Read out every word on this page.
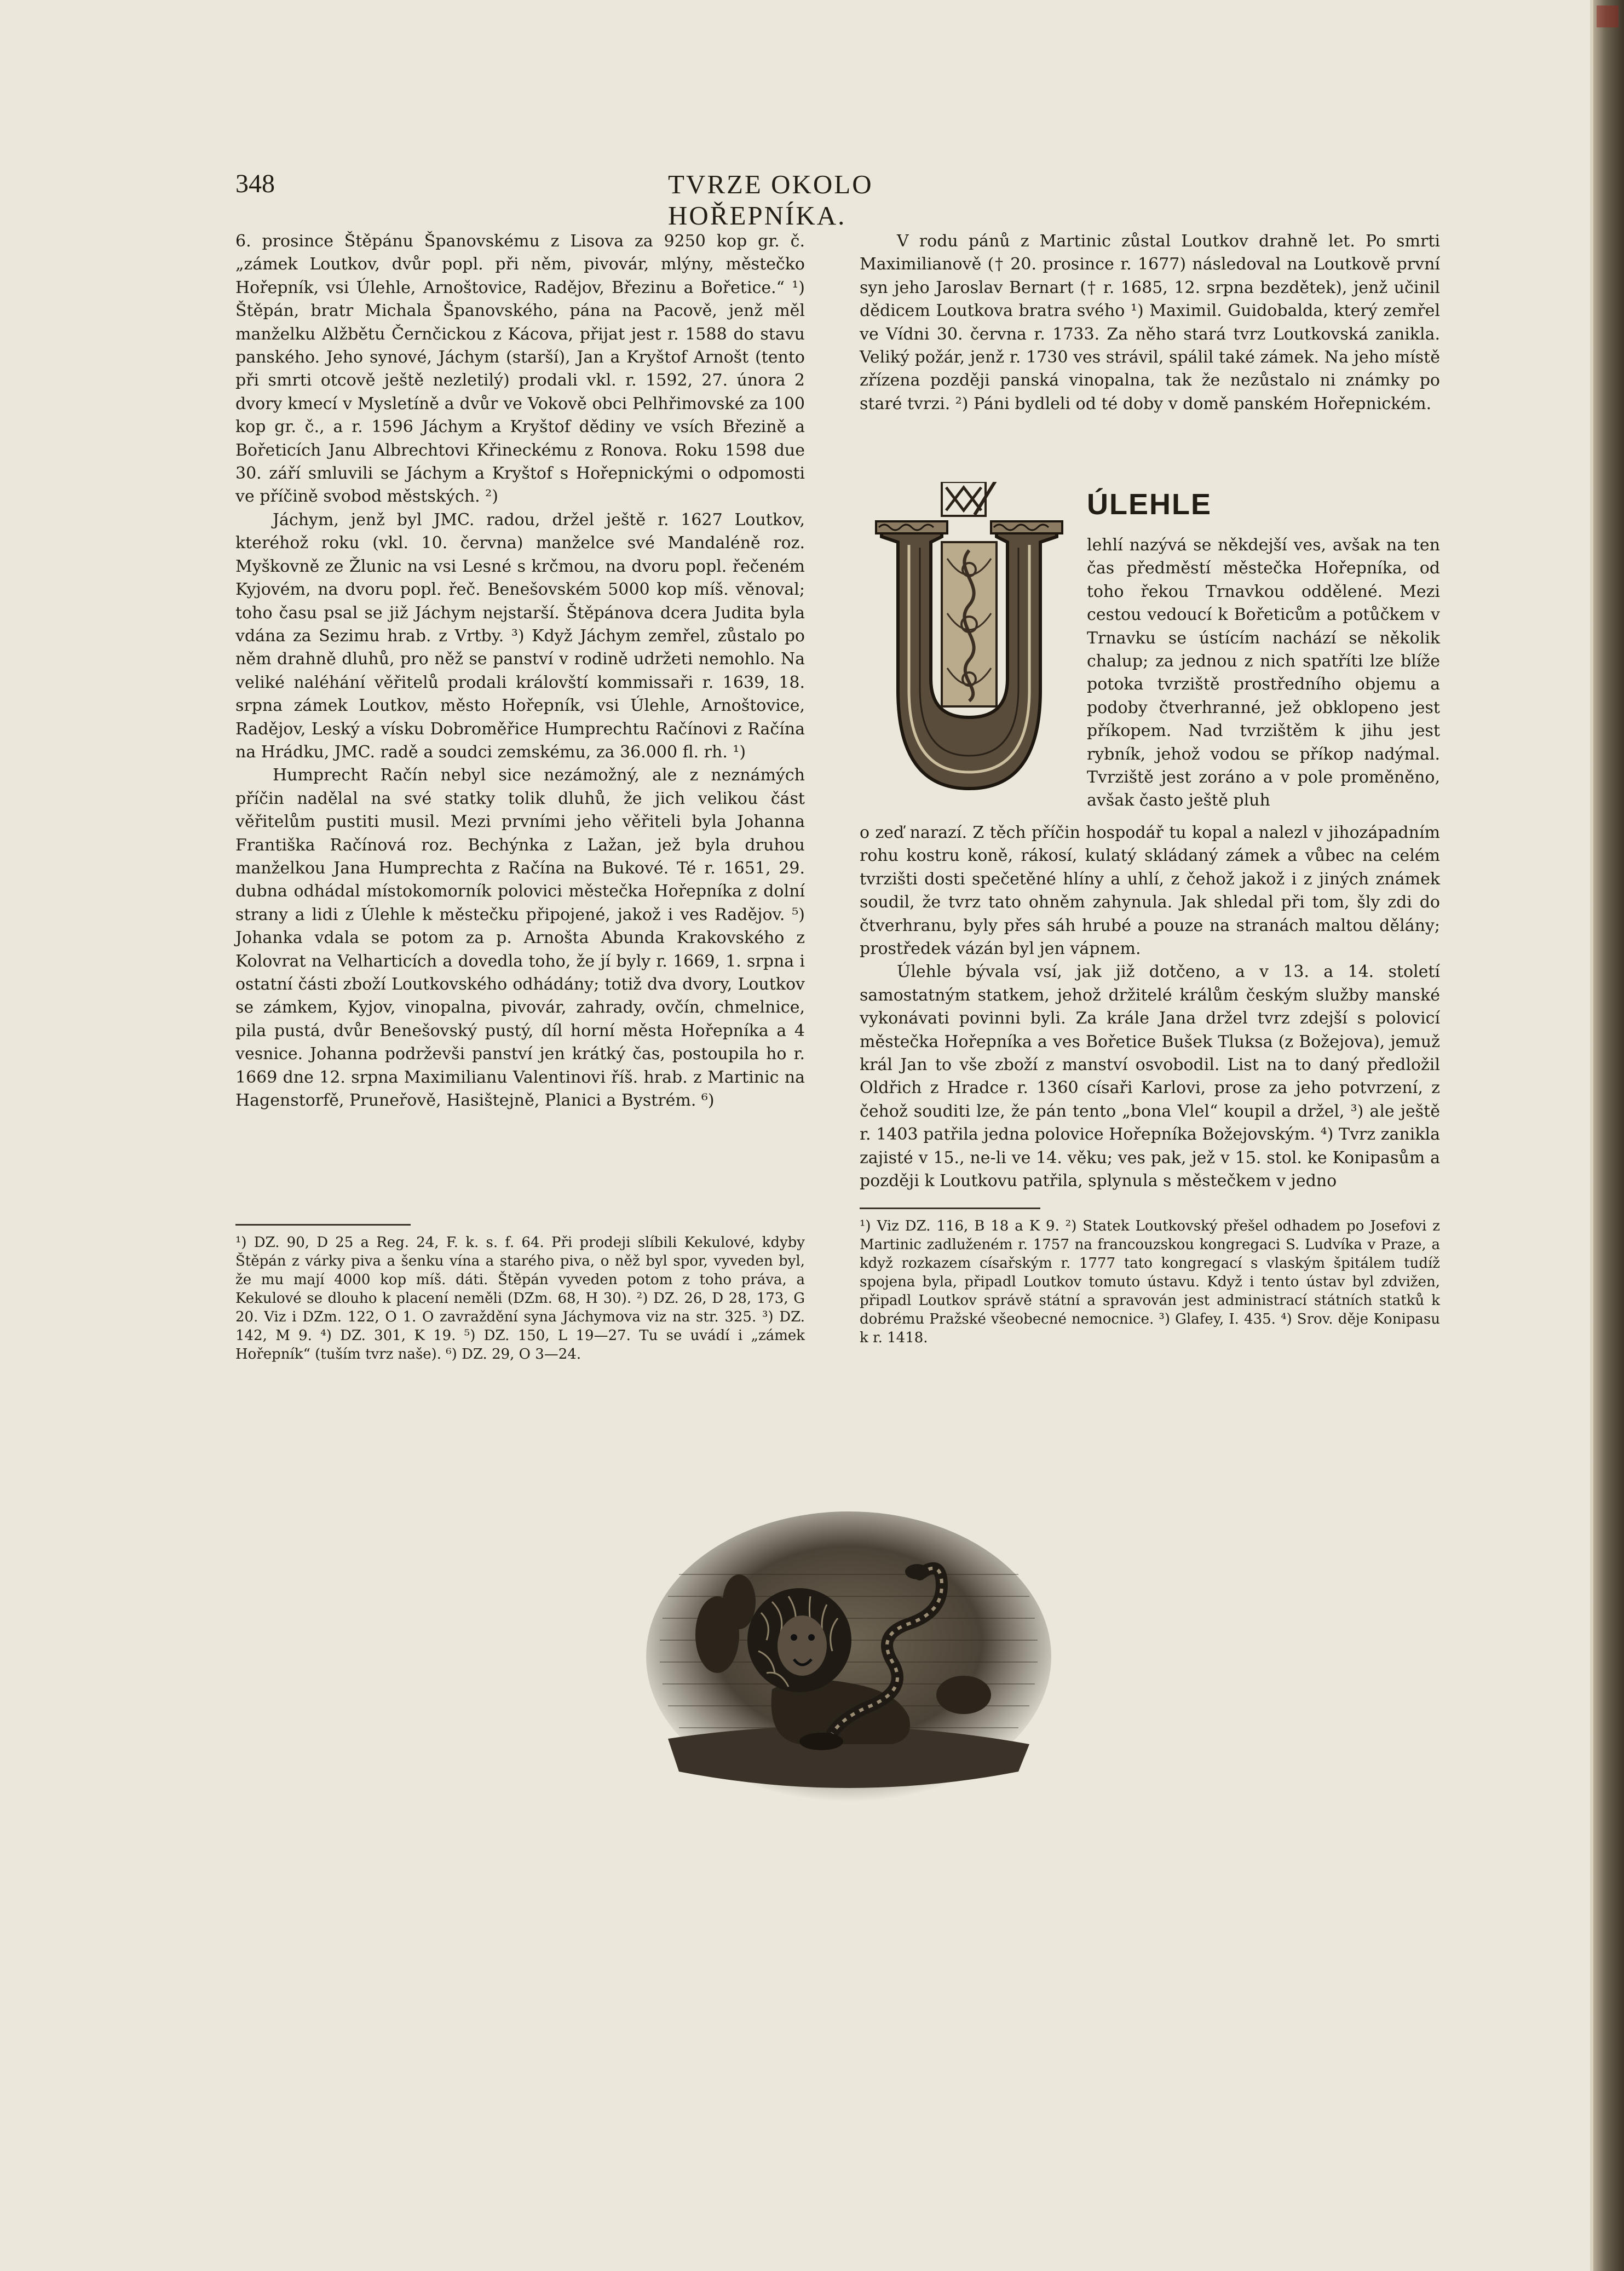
348	TVRZE OKOLO HOŘEPNÍKA.

6. prosince Štěpánu Španovskému z Lisova za 9250 kop gr. č. „zámek Loutkov, dvůr popl. při něm, pivovár, mlýny, městečko Hořepník, vsi Úlehle, Arnoštovice, Radějov, Březinu a Bořetice.“ ¹) Štěpán, bratr Michala Španovského, pána na Pacově, jenž měl manželku Alžbětu Černčickou z Kácova, přijat jest r. 1588 do stavu panského. Jeho synové, Jáchym (starší), Jan a Kryštof Arnošt (tento při smrti otcově ještě nezletilý) prodali vkl. r. 1592, 27. února 2 dvory kmecí v Mysletíně a dvůr ve Vokově obci Pelhřimovské za 100 kop gr. č., a r. 1596 Jáchym a Kryštof dědiny ve vsích Březině a Bořeticích Janu Albrechtovi Křineckému z Ronova. Roku 1598 due 30. září smluvili se Jáchym a Kryštof s Hořepnickými o odpomosti ve příčině svobod městských. ²)

Jáchym, jenž byl JMC. radou, držel ještě r. 1627 Loutkov, kteréhož roku (vkl. 10. června) manželce své Mandaléně roz. Myškovně ze Žlunic na vsi Lesné s krčmou, na dvoru popl. řečeném Kyjovém, na dvoru popl. řeč. Benešovském 5000 kop míš. věnoval; toho času psal se již Jáchym nejstarší. Štěpánova dcera Judita byla vdána za Sezimu hrab. z Vrtby. ³) Když Jáchym zemřel, zůstalo po něm drahně dluhů, pro něž se panství v rodině udržeti nemohlo. Na veliké naléhání věřitelů prodali královští kommissaři r. 1639, 18. srpna zámek Loutkov, město Hořepník, vsi Úlehle, Arnoštovice, Radějov, Leský a vísku Dobroměřice Humprechtu Račínovi z Račína na Hrádku, JMC. radě a soudci zemskému, za 36.000 fl. rh. ¹)

Humprecht Račín nebyl sice nezámožný, ale z neznámých příčin nadělal na své statky tolik dluhů, že jich velikou část věřitelům pustiti musil. Mezi prvními jeho věřiteli byla Johanna Františka Račínová roz. Bechýnka z Lažan, jež byla druhou manželkou Jana Humprechta z Račína na Bukové. Té r. 1651, 29. dubna odhádal místokomorník polovici městečka Hořepníka z dolní strany a lidi z Úlehle k městečku připojené, jakož i ves Radějov. ⁵) Johanka vdala se potom za p. Arnošta Abunda Krakovského z Kolovrat na Velharticích a dovedla toho, že jí byly r. 1669, 1. srpna i ostatní části zboží Loutkovského odhádány; totiž dva dvory, Loutkov se zámkem, Kyjov, vinopalna, pivovár, zahrady, ovčín, chmelnice, pila pustá, dvůr Benešovský pustý, díl horní města Hořepníka a 4 vesnice. Johanna podrževši panství jen krátký čas, postoupila ho r. 1669 dne 12. srpna Maximilianu Valentinovi říš. hrab. z Martinic na Hagenstorfě, Pruneřově, Hasištejně, Planici a Bystrém. ⁶)

V rodu pánů z Martinic zůstal Loutkov drahně let. Po smrti Maximilianově († 20. prosince r. 1677) následoval na Loutkově první syn jeho Jaroslav Bernart († r. 1685, 12. srpna bezdětek), jenž učinil dědicem Loutkova bratra svého ¹) Maximil. Guidobalda, který zemřel ve Vídni 30. června r. 1733. Za něho stará tvrz Loutkovská zanikla. Veliký požár, jenž r. 1730 ves strávil, spálil také zámek. Na jeho místě zřízena později panská vinopalna, tak že nezůstalo ni známky po staré tvrzi. ²) Páni bydleli od té doby v domě panském Hořepnickém.

ÚLEHLE

lehlí nazývá se někdejší ves, avšak na ten čas předměstí městečka Hořepníka, od toho řekou Trnavkou oddělené. Mezi cestou vedoucí k Bořeticům a potůčkem v Trnavku se ústícím nachází se několik chalup; za jednou z nich spatříti lze blíže potoka tvrziště prostředního objemu a podoby čtverhranné, jež obklopeno jest příkopem. Nad tvrzištěm k jihu jest rybník, jehož vodou se příkop nadýmal. Tvrziště jest zoráno a v pole proměněno, avšak často ještě pluh

o zeď narazí. Z těch příčin hospodář tu kopal a nalezl v jihozápadním rohu kostru koně, rákosí, kulatý skládaný zámek a vůbec na celém tvrzišti dosti spečetěné hlíny a uhlí, z čehož jakož i z jiných známek soudil, že tvrz tato ohněm zahynula. Jak shledal při tom, šly zdi do čtverhranu, byly přes sáh hrubé a pouze na stranách maltou dělány; prostředek vázán byl jen vápnem.

Úlehle bývala vsí, jak již dotčeno, a v 13. a 14. století samostatným statkem, jehož držitelé králům českým služby manské vykonávati povinni byli. Za krále Jana držel tvrz zdejší s polovicí městečka Hořepníka a ves Bořetice Bušek Tluksa (z Božejova), jemuž král Jan to vše zboží z manství osvobodil. List na to daný předložil Oldřich z Hradce r. 1360 císaři Karlovi, prose za jeho potvrzení, z čehož souditi lze, že pán tento „bona Vlel“ koupil a držel, ³) ale ještě r. 1403 patřila jedna polovice Hořepníka Božejovským. ⁴) Tvrz zanikla zajisté v 15., ne-li ve 14. věku; ves pak, jež v 15. stol. ke Konipasům a později k Loutkovu patřila, splynula s městečkem v jedno

¹) DZ. 90, D 25 a Reg. 24, F. k. s. f. 64. Při prodeji slíbili Kekulové, kdyby Štěpán z várky piva a šenku vína a starého piva, o něž byl spor, vyveden byl, že mu mají 4000 kop míš. dáti. Štěpán vyveden potom z toho práva, a Kekulové se dlouho k placení neměli (DZm. 68, H 30). ²) DZ. 26, D 28, 173, G 20. Viz i DZm. 122, O 1. O zavraždění syna Jáchymova viz na str. 325. ³) DZ. 142, M 9. ⁴) DZ. 301, K 19. ⁵) DZ. 150, L 19—27. Tu se uvádí i „zámek Hořepník“ (tuším tvrz naše). ⁶) DZ. 29, O 3—24.

¹) Viz DZ. 116, B 18 a K 9. ²) Statek Loutkovský přešel odhadem po Josefovi z Martinic zadluženém r. 1757 na francouzskou kongregaci S. Ludvíka v Praze, a když rozkazem císařským r. 1777 tato kongregací s vlaským špitálem tudíž spojena byla, připadl Loutkov tomuto ústavu. Když i tento ústav byl zdvižen, připadl Loutkov správě státní a spravován jest administrací státních statků k dobrému Pražské všeobecné nemocnice. ³) Glafey, I. 435. ⁴) Srov. děje Konipasu k r. 1418.
